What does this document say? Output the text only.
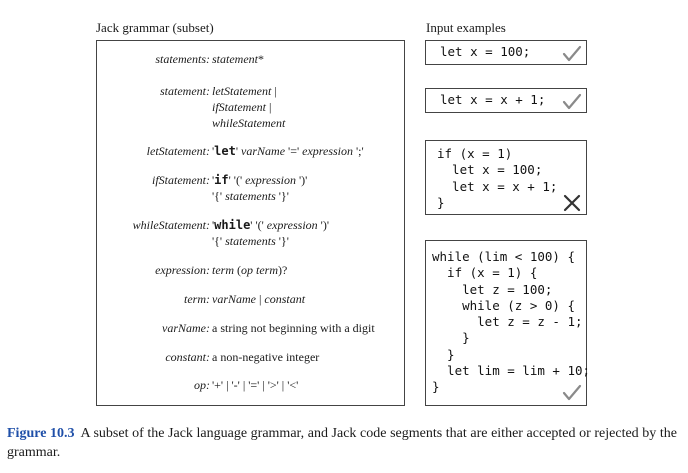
Jack grammar (subset)	Input examples
statements: statement*
statement: letStatement |
ifStatement |
whileStatement
letStatement: 'let' varName '=' expression ';'
ifStatement: 'if' '(' expression ')'
'{' statements '}'
whileStatement: 'while' '(' expression ')'
'{' statements '}'
expression: term (op term)?
term: varName | constant
varName: a string not beginning with a digit
constant: a non-negative integer
op: '+' | '-' | '=' | '>' | '<'
let x = 100;
let x = x + 1;
if (x = 1)
let x = 100;
let x = x + 1;
}
while (lim < 100) {
if (x = 1) {
let z = 100;
while (z > 0) {
let z = z - 1;
}
}
let lim = lim + 10;
}
Figure 10.3 A subset of the Jack language grammar, and Jack code segments that are either accepted or rejected by the grammar.
